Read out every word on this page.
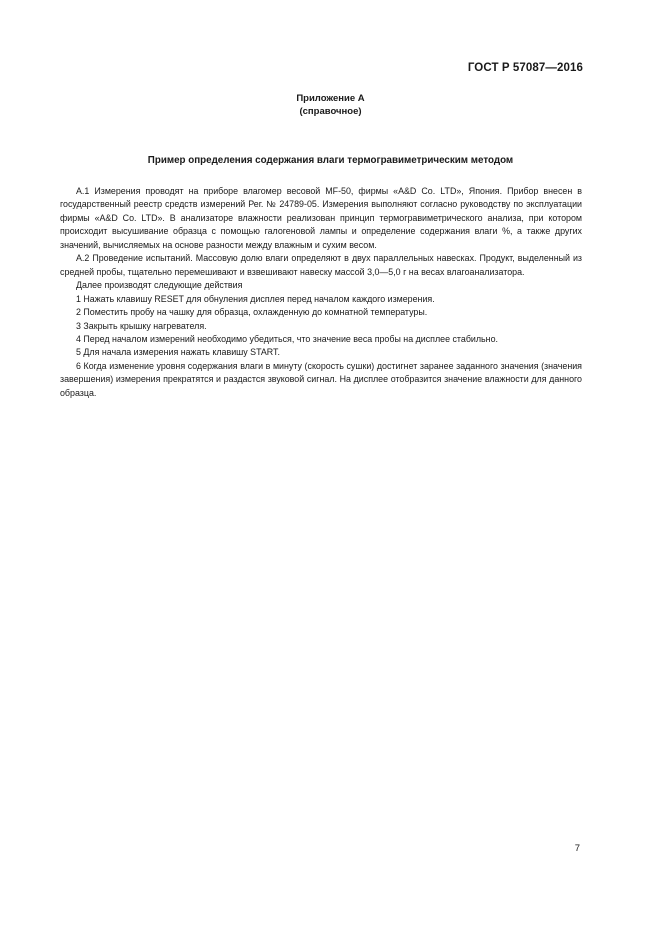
ГОСТ Р 57087—2016
Приложение А
(справочное)
Пример определения содержания влаги термогравиметрическим методом

А.1 Измерения проводят на приборе влагомер весовой MF-50, фирмы «A&D Co. LTD», Япония. Прибор внесен в государственный реестр средств измерений Рег. № 24789-05. Измерения выполняют согласно руководству по эксплуатации фирмы «A&D Co. LTD». В анализаторе влажности реализован принцип термогравиметрического анализа, при котором происходит высушивание образца с помощью галогеновой лампы и определение содержания влаги %, а также других значений, вычисляемых на основе разности между влажным и сухим весом.

А.2 Проведение испытаний. Массовую долю влаги определяют в двух параллельных навесках. Продукт, выделенный из средней пробы, тщательно перемешивают и взвешивают навеску массой 3,0—5,0 г на весах влагоанализатора.

Далее производят следующие действия

1 Нажать клавишу RESET для обнуления дисплея перед началом каждого измерения.

2 Поместить пробу на чашку для образца, охлажденную до комнатной температуры.

3 Закрыть крышку нагревателя.

4 Перед началом измерений необходимо убедиться, что значение веса пробы на дисплее стабильно.

5 Для начала измерения нажать клавишу START.

6 Когда изменение уровня содержания влаги в минуту (скорость сушки) достигнет заранее заданного значения (значения завершения) измерения прекратятся и раздастся звуковой сигнал. На дисплее отобразится значение влажности для данного образца.

7
